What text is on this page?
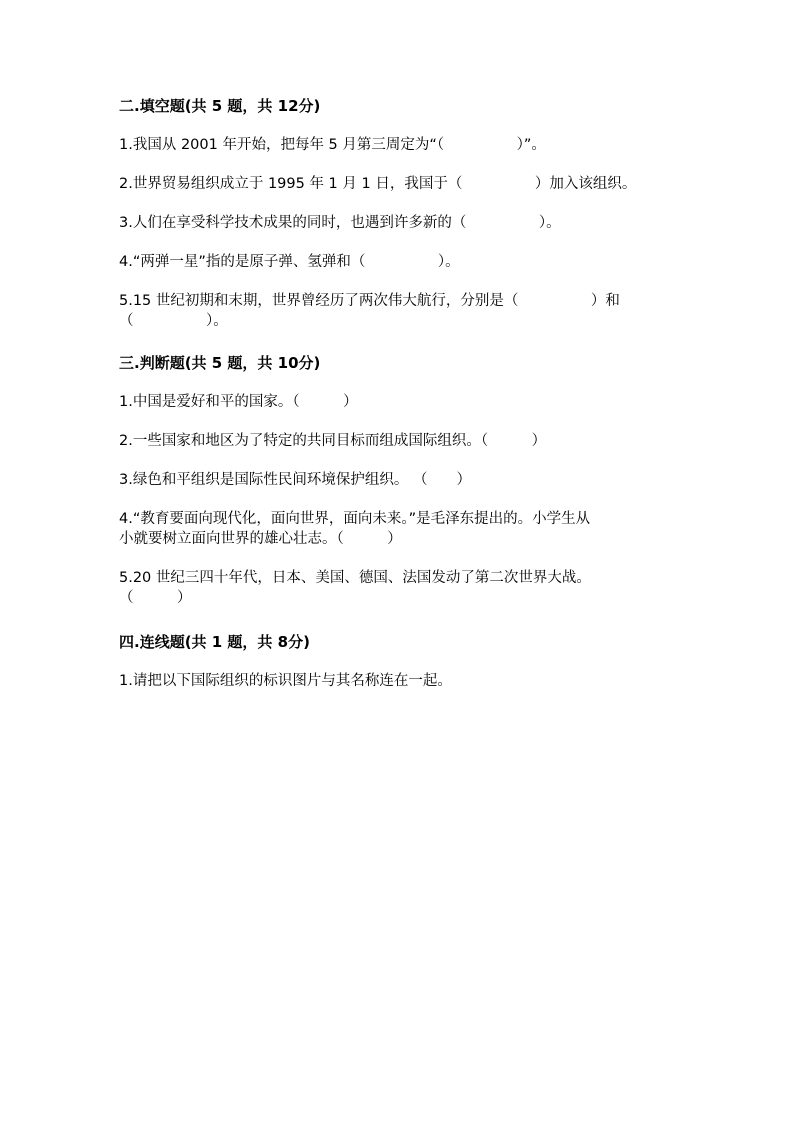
二.填空题(共 5 题，共 12分)
1.我国从 2001 年开始，把每年 5 月第三周定为“（　　　　　）”。
2.世界贸易组织成立于 1995 年 1 月 1 日，我国于（　　　　　）加入该组织。
3.人们在享受科学技术成果的同时，也遇到许多新的（　　　　　）。
4.“两弹一星”指的是原子弹、氢弹和（　　　　　）。
5.15 世纪初期和末期，世界曾经历了两次伟大航行，分别是（　　　　　）和
（　　　　　）。
三.判断题(共 5 题，共 10分)
1.中国是爱好和平的国家。（　　　）
2.一些国家和地区为了特定的共同目标而组成国际组织。（　　　）
3.绿色和平组织是国际性民间环境保护组织。 （　　）
4.“教育要面向现代化，面向世界，面向未来。”是毛泽东提出的。小学生从
小就要树立面向世界的雄心壮志。（　　　）
5.20 世纪三四十年代，日本、美国、德国、法国发动了第二次世界大战。
（　　　）
四.连线题(共 1 题，共 8分)
1.请把以下国际组织的标识图片与其名称连在一起。
